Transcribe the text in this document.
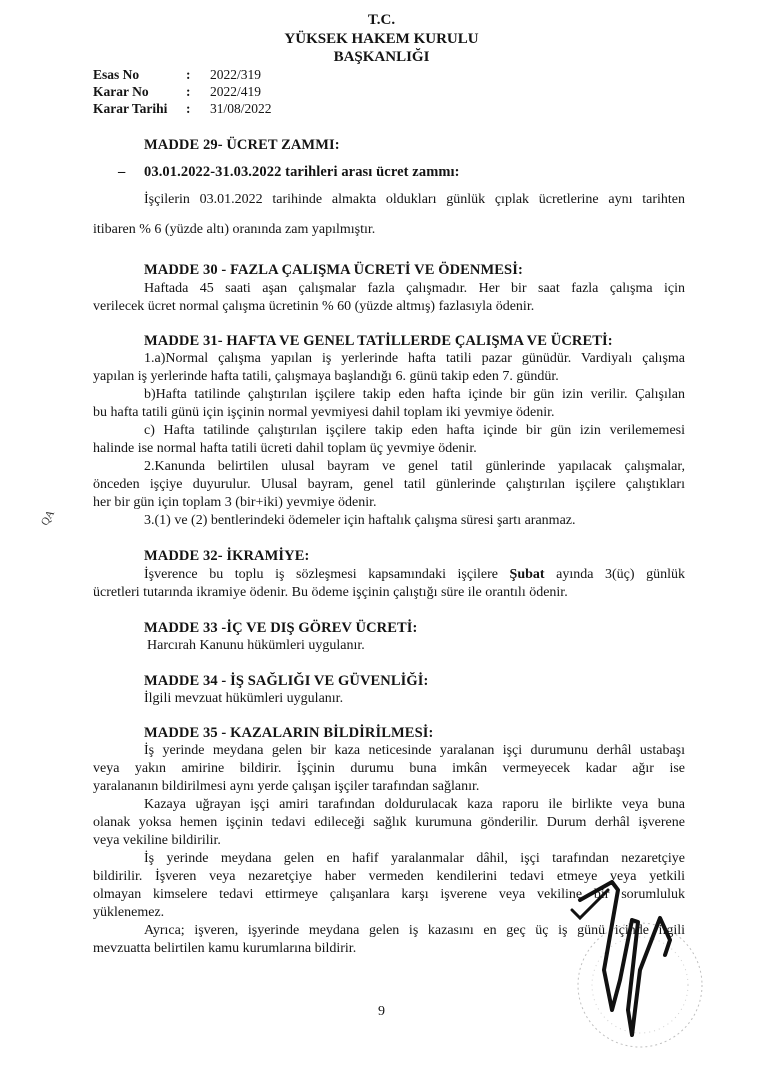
T.C.
YÜKSEK HAKEM KURULU
BAŞKANLIĞI
Esas No	: 2022/319
Karar No	: 2022/419
Karar Tarihi : 31/08/2022
MADDE 29- ÜCRET ZAMMI:
– 03.01.2022-31.03.2022 tarihleri arası ücret zammı:
İşçilerin 03.01.2022 tarihinde almakta oldukları günlük çıplak ücretlerine aynı tarihten
itibaren % 6 (yüzde altı) oranında zam yapılmıştır.
MADDE 30 - FAZLA ÇALIŞMA ÜCRETİ VE ÖDENMESİ:
Haftada 45 saati aşan çalışmalar fazla çalışmadır. Her bir saat fazla çalışma için
verilecek ücret normal çalışma ücretinin % 60 (yüzde altmış) fazlasıyla ödenir.
MADDE 31- HAFTA VE GENEL TATİLLERDE ÇALIŞMA VE ÜCRETİ:
1.a)Normal çalışma yapılan iş yerlerinde hafta tatili pazar günüdür. Vardiyalı çalışma
yapılan iş yerlerinde hafta tatili, çalışmaya başlandığı 6. günü takip eden 7. gündür.
b)Hafta tatilinde çalıştırılan işçilere takip eden hafta içinde bir gün izin verilir. Çalışılan
bu hafta tatili günü için işçinin normal yevmiyesi dahil toplam iki yevmiye ödenir.
c) Hafta tatilinde çalıştırılan işçilere takip eden hafta içinde bir gün izin verilememesi
halinde ise normal hafta tatili ücreti dahil toplam üç yevmiye ödenir.
2.Kanunda belirtilen ulusal bayram ve genel tatil günlerinde yapılacak çalışmalar,
önceden işçiye duyurulur. Ulusal bayram, genel tatil günlerinde çalıştırılan işçilere çalıştıkları
her bir gün için toplam 3 (bir+iki) yevmiye ödenir.
3.(1) ve (2) bentlerindeki ödemeler için haftalık çalışma süresi şartı aranmaz.
QA
MADDE 32- İKRAMİYE:
İşverence bu toplu iş sözleşmesi kapsamındaki işçilere Şubat ayında 3(üç) günlük
ücretleri tutarında ikramiye ödenir. Bu ödeme işçinin çalıştığı süre ile orantılı ödenir.
MADDE 33 -İÇ VE DIŞ GÖREV ÜCRETİ:
Harcırah Kanunu hükümleri uygulanır.
MADDE 34 - İŞ SAĞLIĞI VE GÜVENLİĞİ:
İlgili mevzuat hükümleri uygulanır.
MADDE 35 - KAZALARIN BİLDİRİLMESİ:
İş yerinde meydana gelen bir kaza neticesinde yaralanan işçi durumunu derhâl ustabaşı
veya yakın amirine bildirir. İşçinin durumu buna imkân vermeyecek kadar ağır ise
yaralananın bildirilmesi aynı yerde çalışan işçiler tarafından sağlanır.
Kazaya uğrayan işçi amiri tarafından doldurulacak kaza raporu ile birlikte veya buna
olanak yoksa hemen işçinin tedavi edileceği sağlık kurumuna gönderilir. Durum derhâl işverene
veya vekiline bildirilir.
İş yerinde meydana gelen en hafif yaralanmalar dâhil, işçi tarafından nezaretçiye
bildirilir. İşveren veya nezaretçiye haber vermeden kendilerini tedavi etmeye veya yetkili
olmayan kimselere tedavi ettirmeye çalışanlara karşı işverene veya vekiline bir sorumluluk
yüklenemez.
Ayrıca; işveren, işyerinde meydana gelen iş kazasını en geç üç iş günü içinde ilgili
mevzuatta belirtilen kamu kurumlarına bildirir.
9
